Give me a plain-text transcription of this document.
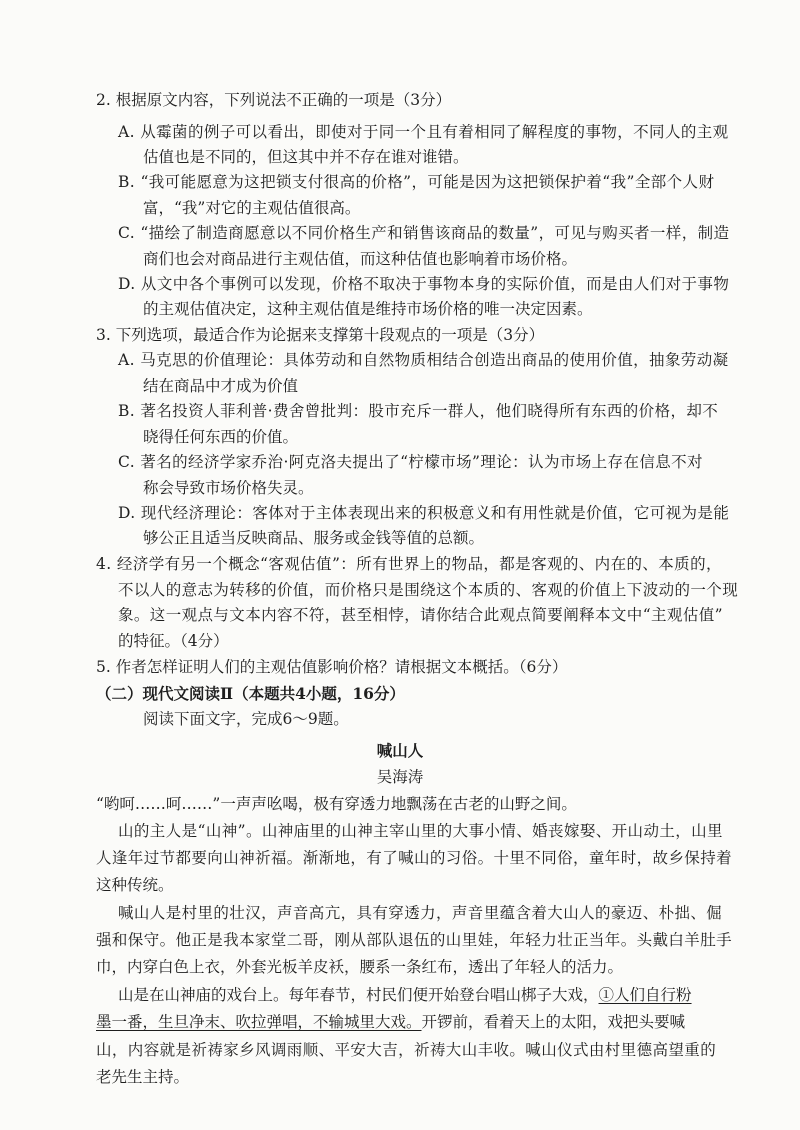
2. 根据原文内容，下列说法不正确的一项是（3分）
A. 从霉菌的例子可以看出，即使对于同一个且有着相同了解程度的事物，不同人的主观
估值也是不同的，但这其中并不存在谁对谁错。
B. “我可能愿意为这把锁支付很高的价格”，可能是因为这把锁保护着“我”全部个人财
富，“我”对它的主观估值很高。
C. “描绘了制造商愿意以不同价格生产和销售该商品的数量”，可见与购买者一样，制造
商们也会对商品进行主观估值，而这种估值也影响着市场价格。
D. 从文中各个事例可以发现，价格不取决于事物本身的实际价值，而是由人们对于事物
的主观估值决定，这种主观估值是维持市场价格的唯一决定因素。
3. 下列选项，最适合作为论据来支撑第十段观点的一项是（3分）
A. 马克思的价值理论：具体劳动和自然物质相结合创造出商品的使用价值，抽象劳动凝
结在商品中才成为价值
B. 著名投资人菲利普·费舍曾批判：股市充斥一群人，他们晓得所有东西的价格，却不
晓得任何东西的价值。
C. 著名的经济学家乔治·阿克洛夫提出了“柠檬市场”理论：认为市场上存在信息不对
称会导致市场价格失灵。
D. 现代经济理论：客体对于主体表现出来的积极意义和有用性就是价值，它可视为是能
够公正且适当反映商品、服务或金钱等值的总额。
4. 经济学有另一个概念“客观估值”：所有世界上的物品，都是客观的、内在的、本质的，
不以人的意志为转移的价值，而价格只是围绕这个本质的、客观的价值上下波动的一个现
象。这一观点与文本内容不符，甚至相悖，请你结合此观点简要阐释本文中“主观估值”
的特征。（4分）
5. 作者怎样证明人们的主观估值影响价格？请根据文本概括。（6分）
（二）现代文阅读Ⅱ（本题共4小题，16分）
阅读下面文字，完成6～9题。
喊山人
吴海涛
“哟呵……呵……”一声声吆喝，极有穿透力地飘荡在古老的山野之间。
山的主人是“山神”。山神庙里的山神主宰山里的大事小情、婚丧嫁娶、开山动土，山里
人逢年过节都要向山神祈福。渐渐地，有了喊山的习俗。十里不同俗，童年时，故乡保持着
这种传统。
喊山人是村里的壮汉，声音高亢，具有穿透力，声音里蕴含着大山人的豪迈、朴拙、倔
强和保守。他正是我本家堂二哥，刚从部队退伍的山里娃，年轻力壮正当年。头戴白羊肚手
巾，内穿白色上衣，外套光板羊皮袄，腰系一条红布，透出了年轻人的活力。
山是在山神庙的戏台上。每年春节，村民们便开始登台唱山梆子大戏，①人们自行粉
墨一番，生旦净末、吹拉弹唱，不输城里大戏。开锣前，看着天上的太阳，戏把头要喊
山，内容就是祈祷家乡风调雨顺、平安大吉，祈祷大山丰收。喊山仪式由村里德高望重的
老先生主持。
